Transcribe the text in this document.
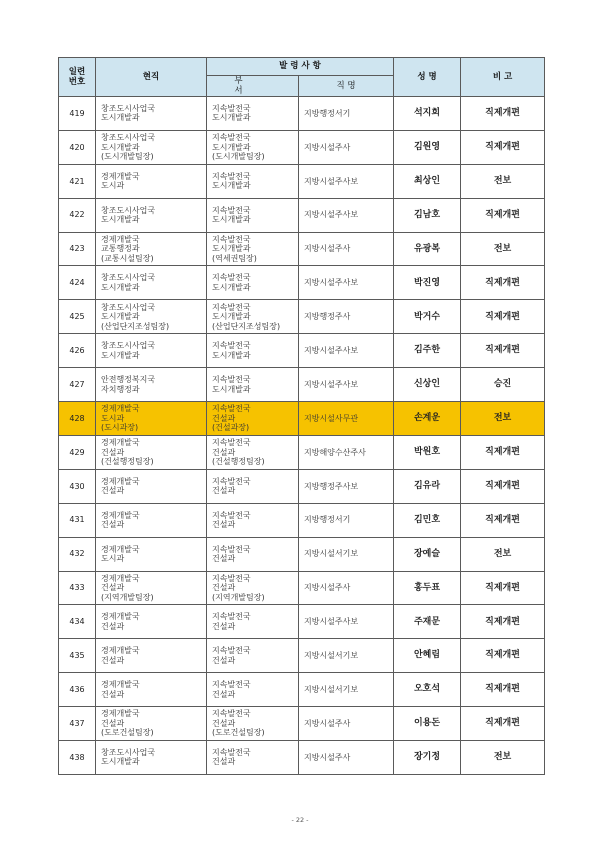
일련
번호	현직	발 령 사 항		성 명	비 고
		부 서	직 명		
419	창조도시사업국
도시개발과	지속발전국
도시개발과	지방행정서기	석지희	직제개편
420	창조도시사업국
도시개발과
(도시개발팀장)	지속발전국
도시개발과
(도시개발팀장)	지방시설주사	김원영	직제개편
421	경제개발국
도시과	지속발전국
도시개발과	지방시설주사보	최상인	전보
422	창조도시사업국
도시개발과	지속발전국
도시개발과	지방시설주사보	김남호	직제개편
423	경제개발국
교통행정과
(교통시설팀장)	지속발전국
도시개발과
(역세권팀장)	지방시설주사	유광복	전보
424	창조도시사업국
도시개발과	지속발전국
도시개발과	지방시설주사보	박진영	직제개편
425	창조도시사업국
도시개발과
(산업단지조성팀장)	지속발전국
도시개발과
(산업단지조성팀장)	지방행정주사	박거수	직제개편
426	창조도시사업국
도시개발과	지속발전국
도시개발과	지방시설주사보	김주한	직제개편
427	안전행정복지국
자치행정과	지속발전국
도시개발과	지방시설주사보	신상인	승진
428	경제개발국
도시과
(도시과장)	지속발전국
건설과
(건설과장)	지방시설사무관	손계운	전보
429	경제개발국
건설과
(건설행정팀장)	지속발전국
건설과
(건설행정팀장)	지방해양수산주사	박원호	직제개편
430	경제개발국
건설과	지속발전국
건설과	지방행정주사보	김유라	직제개편
431	경제개발국
건설과	지속발전국
건설과	지방행정서기	김민호	직제개편
432	경제개발국
도시과	지속발전국
건설과	지방시설서기보	장예슬	전보
433	경제개발국
건설과
(지역개발팀장)	지속발전국
건설과
(지역개발팀장)	지방시설주사	홍두표	직제개편
434	경제개발국
건설과	지속발전국
건설과	지방시설주사보	주재문	직제개편
435	경제개발국
건설과	지속발전국
건설과	지방시설서기보	안혜림	직제개편
436	경제개발국
건설과	지속발전국
건설과	지방시설서기보	오호석	직제개편
437	경제개발국
건설과
(도로건설팀장)	지속발전국
건설과
(도로건설팀장)	지방시설주사	이용돈	직제개편
438	창조도시사업국
도시개발과	지속발전국
건설과	지방시설주사	장기정	전보
- 22 -
